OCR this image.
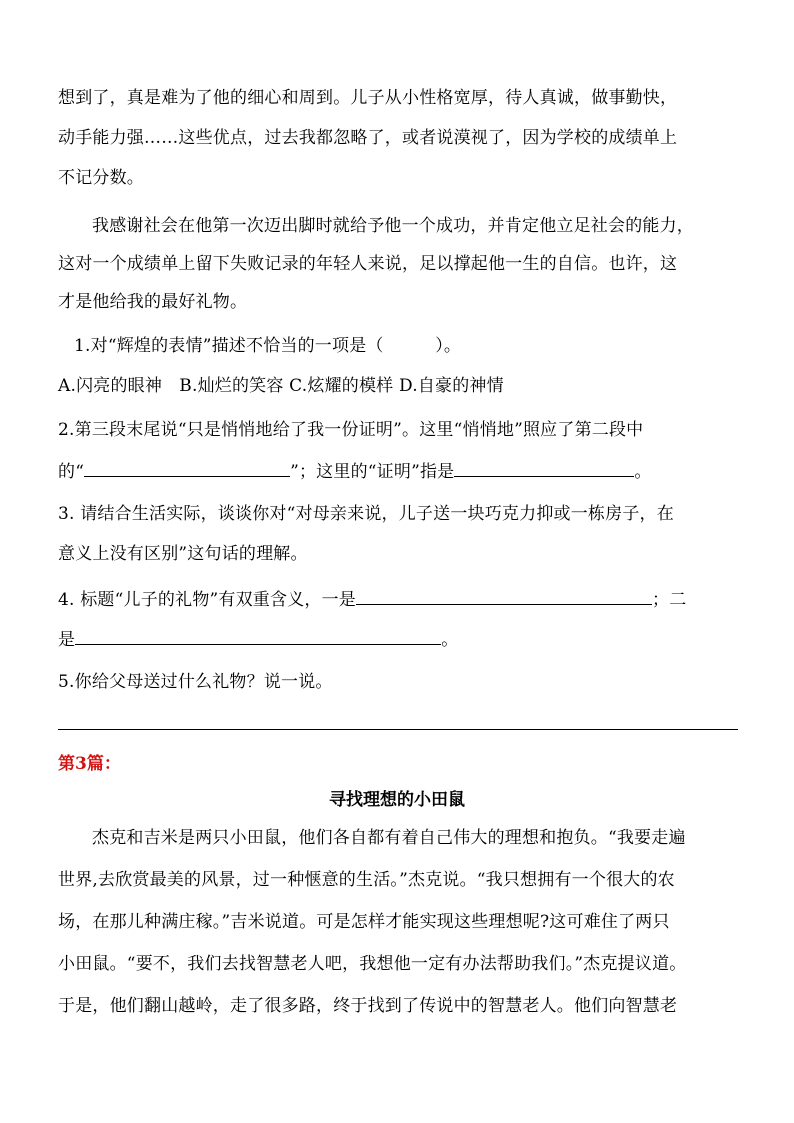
想到了，真是难为了他的细心和周到。儿子从小性格宽厚，待人真诚，做事勤快，
动手能力强……这些优点，过去我都忽略了，或者说漠视了，因为学校的成绩单上
不记分数。
我感谢社会在他第一次迈出脚时就给予他一个成功，并肯定他立足社会的能力，
这对一个成绩单上留下失败记录的年轻人来说，足以撑起他一生的自信。也许，这
才是他给我的最好礼物。
1.对“辉煌的表情”描述不恰当的一项是（　　　）。
A.闪亮的眼神　B.灿烂的笑容 C.炫耀的模样 D.自豪的神情
2.第三段末尾说“只是悄悄地给了我一份证明”。这里“悄悄地”照应了第二段中
的“	”；这里的“证明”指是	。
3. 请结合生活实际，谈谈你对“对母亲来说，儿子送一块巧克力抑或一栋房子，在
意义上没有区别”这句话的理解。
4. 标题“儿子的礼物”有双重含义，一是	；二
是	。
5.你给父母送过什么礼物？说一说。
第3篇：
寻找理想的小田鼠
杰克和吉米是两只小田鼠，他们各自都有着自己伟大的理想和抱负。“我要走遍
世界,去欣赏最美的风景，过一种惬意的生活。”杰克说。“我只想拥有一个很大的农
场，在那儿种满庄稼。”吉米说道。可是怎样才能实现这些理想呢?这可难住了两只
小田鼠。“要不，我们去找智慧老人吧，我想他一定有办法帮助我们。”杰克提议道。
于是，他们翻山越岭，走了很多路，终于找到了传说中的智慧老人。他们向智慧老
